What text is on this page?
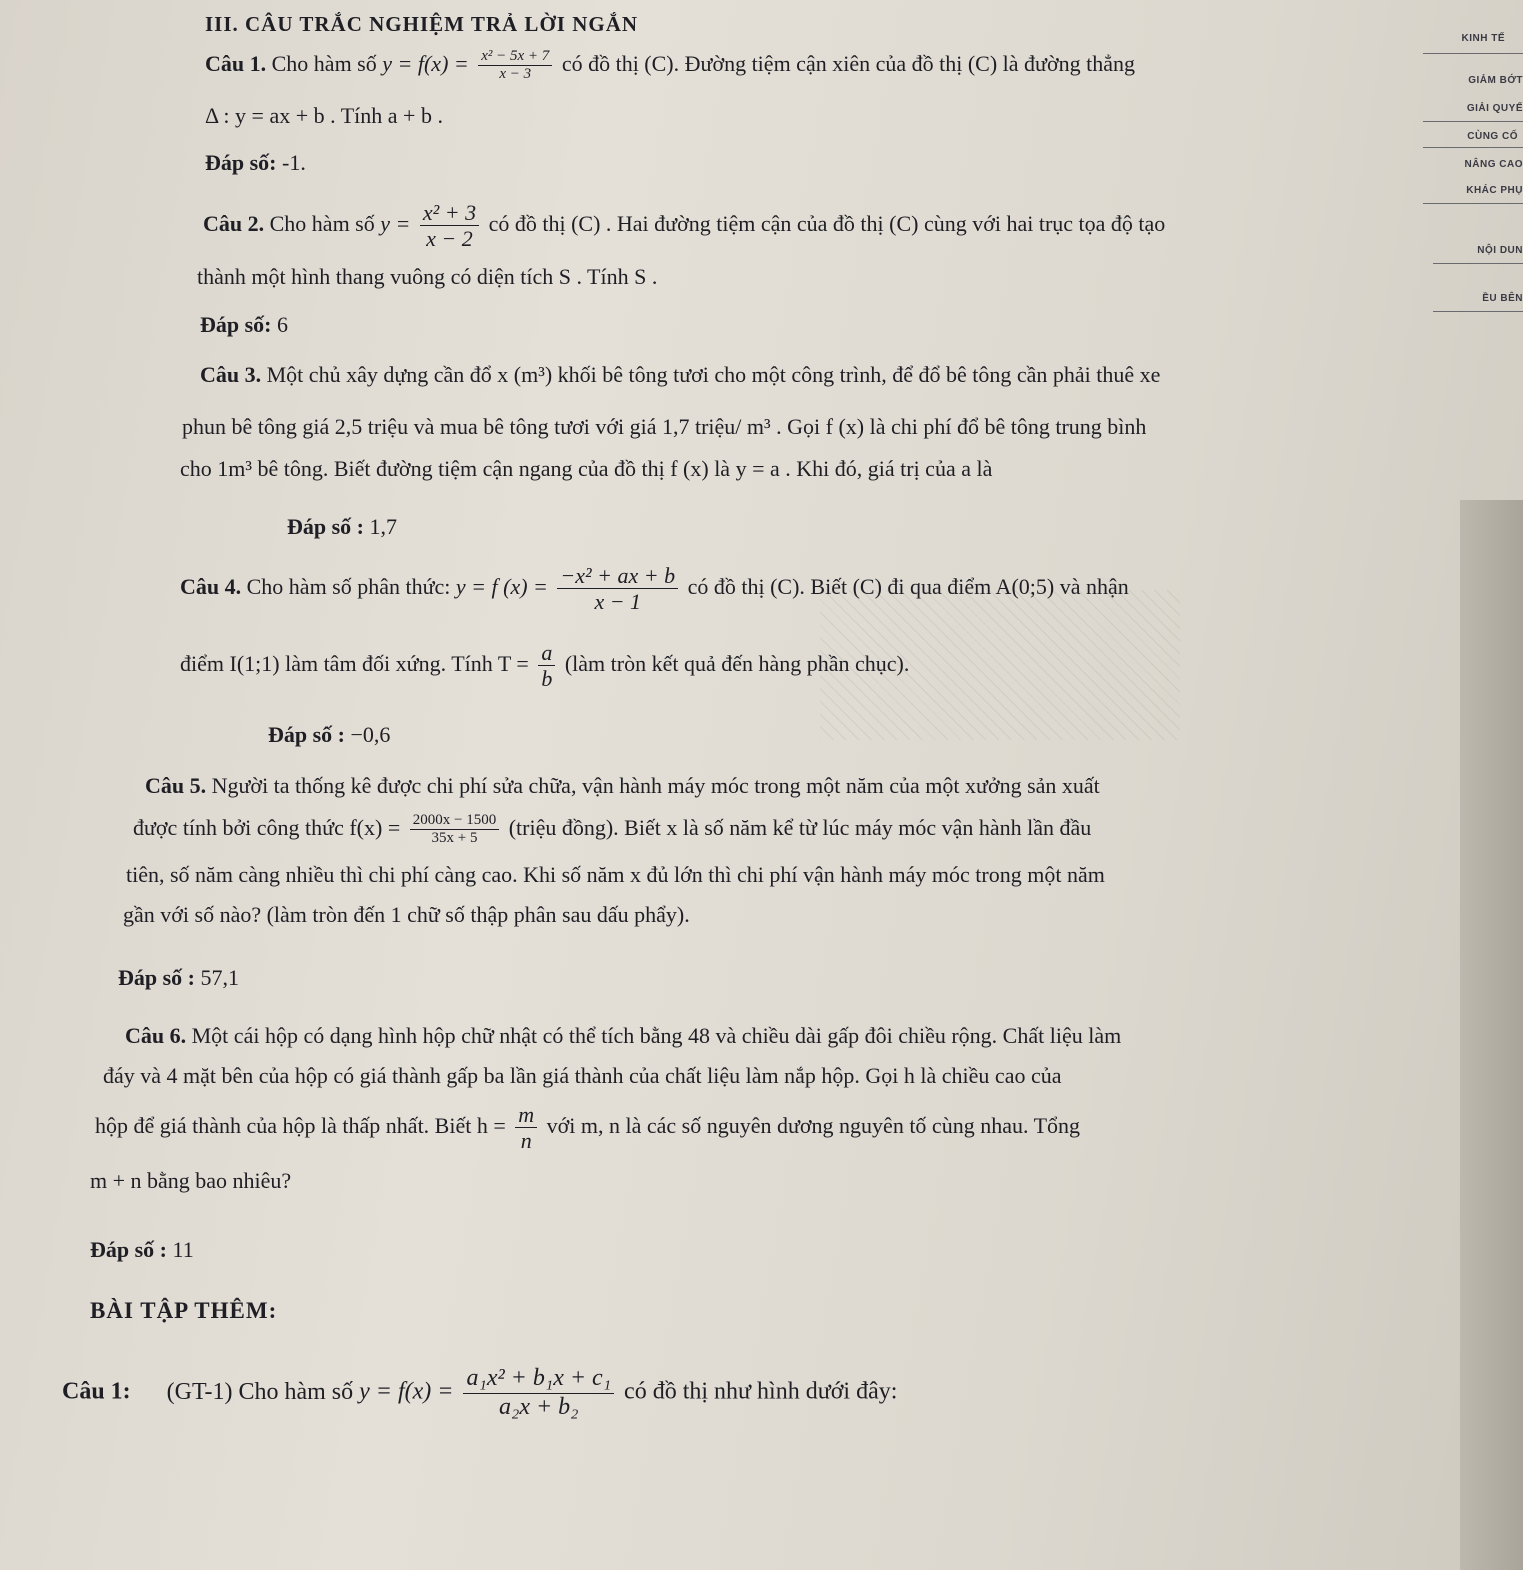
KINH TẾ
GIẢM BỚT
GIẢI QUYẾ
CÙNG CỐ
NÂNG CAO
KHÁC PHỤ
NỘI DUN
ỀU BÊN
III. CÂU TRẮC NGHIỆM TRẢ LỜI NGẮN
Câu 1. Cho hàm số $y = f(x) = \frac{\text{x² − 5x + 7}}{x - 3}$ có đồ thị (C). Đường tiệm cận xiên của đồ thị (C) là đường thẳng
Δ : y = ax + b . Tính a + b .
Đáp số: -1.
Câu 2. Cho hàm số $y = \frac{\text{x² + 3}}{x - 2}$ có đồ thị (C) . Hai đường tiệm cận của đồ thị (C) cùng với hai trục tọa độ tạo
thành một hình thang vuông có diện tích S . Tính S .
Đáp số: 6
Câu 3. Một chủ xây dựng cần đổ x (m³) khối bê tông tươi cho một công trình, để đổ bê tông cần phải thuê xe
phun bê tông giá 2,5 triệu và mua bê tông tươi với giá 1,7 triệu/ m³ . Gọi f (x) là chi phí đổ bê tông trung bình
cho 1m³ bê tông. Biết đường tiệm cận ngang của đồ thị f (x) là y = a . Khi đó, giá trị của a là
Đáp số : 1,7
Câu 4. Cho hàm số phân thức: y = f $(x) = \frac{\text{−x² + ax + b}}{x - 1}$ có đồ thị (C). Biết (C) đi qua điểm A(0;5) và nhận
điểm I(1;1) làm tâm đối xứng. Tính $T = \frac{a}{b}$ (làm tròn kết quả đến hàng phần chục).
Đáp số : −0,6
Câu 5. Người ta thống kê được chi phí sửa chữa, vận hành máy móc trong một năm của một xưởng sản xuất
được tính bởi công thức $f(x) = \frac{2000x - 1500}{35x + 5}$ (triệu đồng). Biết x là số năm kể từ lúc máy móc vận hành lần đầu
tiên, số năm càng nhiều thì chi phí càng cao. Khi số năm x đủ lớn thì chi phí vận hành máy móc trong một năm
gần với số nào? (làm tròn đến 1 chữ số thập phân sau dấu phẩy).
Đáp số : 57,1
Câu 6. Một cái hộp có dạng hình hộp chữ nhật có thể tích bằng 48 và chiều dài gấp đôi chiều rộng. Chất liệu làm
đáy và 4 mặt bên của hộp có giá thành gấp ba lần giá thành của chất liệu làm nắp hộp. Gọi h là chiều cao của
hộp để giá thành của hộp là thấp nhất. Biết $h = \frac{m}{n}$ với m, n là các số nguyên dương nguyên tố cùng nhau. Tổng
m + n bằng bao nhiêu?
Đáp số : 11
BÀI TẬP THÊM:
Câu 1: (GT-1) Cho hàm số $y = f(x) = \frac{\text{a₁x² + b₁x + c₁}}{\text{a₂x + b₂}}$ có đồ thị như hình dưới đây:
